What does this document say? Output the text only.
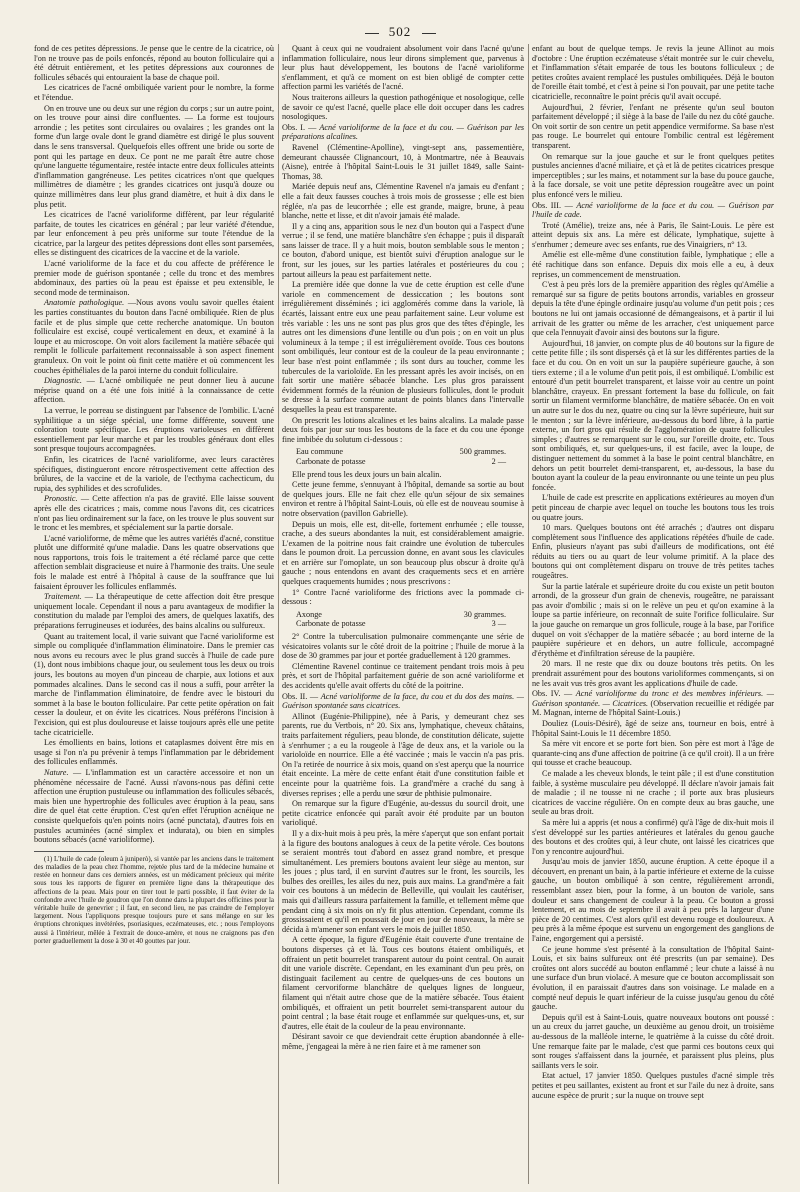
502

fond de ces petites dépressions. Je pense que le centre de la cicatrice, où l'on ne trouve pas de poils enfoncés, répond au bouton folliculaire qui a été détruit entièrement, et les petites dépressions aux couronnes de follicules sébacés qui entouraient la base de chaque poil.

Les cicatrices de l'acné ombiliquée varient pour le nombre, la forme et l'étendue.

On en trouve une ou deux sur une région du corps ; sur un autre point, on les trouve pour ainsi dire confluentes. — La forme est toujours arrondie ; les petites sont circulaires ou ovalaires ; les grandes ont la forme d'un large ovale dont le grand diamètre est dirigé le plus souvent dans le sens transversal. Quelquefois elles offrent une bride ou sorte de pont qui les partage en deux. Ce pont ne me paraît être autre chose qu'une languette tégumentaire, restée intacte entre deux follicules atteints d'inflammation gangréneuse. Les petites cicatrices n'ont que quelques millimètres de diamètre ; les grandes cicatrices ont jusqu'à douze ou quinze millimètres dans leur plus grand diamètre, et huit à dix dans le plus petit.

Les cicatrices de l'acné varioliforme diffèrent, par leur régularité parfaite, de toutes les cicatrices en général ; par leur variété d'étendue, par leur enfoncement à peu près uniforme sur toute l'étendue de la cicatrice, par la largeur des petites dépressions dont elles sont parsemées, elles se distinguent des cicatrices de la vaccine et de la variole.

L'acné varioliforme de la face et du cou affecte de préférence le premier mode de guérison spontanée ; celle du tronc et des membres abdominaux, des parties où la peau est épaisse et peu extensible, le second mode de terminaison.

Anatomie pathologique. —Nous avons voulu savoir quelles étaient les parties constituantes du bouton dans l'acné ombiliquée. Rien de plus facile et de plus simple que cette recherche anatomique. Un bouton folliculaire est excisé, coupé verticalement en deux, et examiné à la loupe et au microscope. On voit alors facilement la matière sébacée qui remplit le follicule parfaitement reconnaissable à son aspect finement granuleux. On voit le point où finit cette matière et où commencent les couches épithéliales de la paroi interne du conduit folliculaire.

Diagnostic. — L'acné ombiliquée ne peut donner lieu à aucune méprise quand on a été une fois initié à la connaissance de cette affection.

La verrue, le porreau se distinguent par l'absence de l'ombilic. L'acné syphilitique a un siége spécial, une forme différente, souvent une coloration toute spécifique. Les éruptions varioleuses en diffèrent essentiellement par leur marche et par les troubles généraux dont elles sont presque toujours accompagnées.

Enfin, les cicatrices de l'acné varioliforme, avec leurs caractères spécifiques, distingueront encore rétrospectivement cette affection des brûlures, de la vaccine et de la variole, de l'ecthyma cachecticum, du rupia, des syphilides et des scrofulides.

Pronostic. — Cette affection n'a pas de gravité. Elle laisse souvent après elle des cicatrices ; mais, comme nous l'avons dit, ces cicatrices n'ont pas lieu ordinairement sur la face, on les trouve le plus souvent sur le tronc et les membres, et spécialement sur la partie dorsale.

L'acné varioliforme, de même que les autres variétés d'acné, constitue plutôt une difformité qu'une maladie. Dans les quatre observations que nous rapportons, trois fois le traitement a été réclamé parce que cette affection semblait disgracieuse et nuire à l'harmonie des traits. Une seule fois le malade est entré à l'hôpital à cause de la souffrance que lui faisaient éprouver les follicules enflammés.

Traitement. — La thérapeutique de cette affection doit être presque uniquement locale. Cependant il nous a paru avantageux de modifier la constitution du malade par l'emploi des amers, de quelques laxatifs, des préparations ferrugineuses et iodurées, des bains alcalins ou sulfureux.

Quant au traitement local, il varie suivant que l'acné varioliforme est simple ou compliquée d'inflammation éliminatoire. Dans le premier cas nous avons eu recours avec le plus grand succès à l'huile de cade pure (1), dont nous imbibions chaque jour, ou seulement tous les deux ou trois jours, les boutons au moyen d'un pinceau de charpie, aux lotions et aux pommades alcalines. Dans le second cas il nous a suffi, pour arrêter la marche de l'inflammation éliminatoire, de fendre avec le bistouri du sommet à la base le bouton folliculaire. Par cette petite opération on fait cesser la douleur, et on évite les cicatrices. Nous préférons l'incision à l'excision, qui est plus douloureuse et laisse toujours après elle une petite tache cicatricielle.

Les émollients en bains, lotions et cataplasmes doivent être mis en usage si l'on n'a pu prévenir à temps l'inflammation par le débridement des follicules enflammés.

Nature. — L'inflammation est un caractère accessoire et non un phénomène nécessaire de l'acné. Aussi n'avons-nous pas défini cette affection une éruption pustuleuse ou inflammation des follicules sébacés, mais bien une hypertrophie des follicules avec éruption à la peau, sans dire de quel état cette éruption. C'est qu'en effet l'éruption acnéique ne consiste quelquefois qu'en points noirs (acné punctata), d'autres fois en pustules acuminées (acné simplex et indurata), ou bien en simples boutons sébacés (acné varioliforme).

(1) L'huile de cade (oleum à juniperò), si vantée par les anciens dans le traitement des maladies de la peau chez l'homme, rejetée plus tard de la médecine humaine et restée en honneur dans ces derniers années, est un médicament précieux qui mérite sous tous les rapports de figurer en première ligne dans la thérapeutique des affections de la peau. Mais pour en tirer tout le parti possible, il faut éviter de la confondre avec l'huile de goudron que l'on donne dans la plupart des officines pour la véritable huile de genevrier ; il faut, en second lieu, ne pas craindre de l'employer largement. Nous l'appliquons presque toujours pure et sans mélange en sur les éruptions chroniques invétérées, psoriasiques, eczémateuses, etc. ; nous l'employons aussi à l'intérieur, mêlée à l'extrait de douce-amère, et nous ne craignons pas d'en porter graduellement la dose à 30 et 40 gouttes par jour.

Quant à ceux qui ne voudraient absolument voir dans l'acné qu'une inflammation folliculaire, nous leur dirons simplement que, parvenus à leur plus haut développement, les boutons de l'acné varioliforme s'enflamment, et qu'à ce moment on est bien obligé de compter cette affection parmi les variétés de l'acné.

Nous traiterons ailleurs la question pathogénique et nosologique, celle de savoir ce qu'est l'acné, quelle place elle doit occuper dans les cadres nosologiques.

Obs. I. — Acné varioliforme de la face et du cou. — Guérison par les préparations alcalines.

Ravenel (Clémentine-Apolline), vingt-sept ans, passementière, demeurant chaussée Clignancourt, 10, à Montmartre, née à Beauvais (Aisne), entrée à l'hôpital Saint-Louis le 31 juillet 1849, salle Saint-Thomas, 38.

Mariée depuis neuf ans, Clémentine Ravenel n'a jamais eu d'enfant ; elle a fait deux fausses couches à trois mois de grossesse ; elle est bien réglée, n'a pas de leucorrhée ; elle est grande, maigre, brune, à peau blanche, nette et lisse, et dit n'avoir jamais été malade.

Il y a cinq ans, apparition sous le nez d'un bouton qui a l'aspect d'une verrue ; il se fend, une matière blanchâtre s'en échappe ; puis il disparaît sans laisser de trace. Il y a huit mois, bouton semblable sous le menton ; ce bouton, d'abord unique, est bientôt suivi d'éruption analogue sur le front, sur les joues, sur les parties latérales et postérieures du cou ; partout ailleurs la peau est parfaitement nette.

La première idée que donne la vue de cette éruption est celle d'une variole en commencement de dessiccation ; les boutons sont irrégulièrement disséminés ; ici agglomérés comme dans la variole, là écartés, laissant entre eux une peau parfaitement saine. Leur volume est très variable : les uns ne sont pas plus gros que des têtes d'épingle, les autres ont les dimensions d'une lentille ou d'un pois ; on en voit un plus volumineux à la tempe ; il est irrégulièrement ovoïde. Tous ces boutons sont ombiliqués, leur contour est de la couleur de la peau environnante ; leur base n'est point enflammée ; ils sont durs au toucher, comme les tubercules de la varioloïde. En les pressant après les avoir incisés, on en fait sortir une matière sébacée blanche. Les plus gros paraissent évidemment formés de la réunion de plusieurs follicules, dont le produit se dresse à la surface comme autant de points blancs dans l'intervalle desquelles la peau est transparente.

On prescrit les lotions alcalines et les bains alcalins. La malade passe deux fois par jour sur tous les boutons de la face et du cou une éponge fine imbibée du solutum ci-dessous :

Eau commune	500 grammes.
Carbonate de potasse	2 —

Elle prend tous les deux jours un bain alcalin.

Cette jeune femme, s'ennuyant à l'hôpital, demande sa sortie au bout de quelques jours. Elle ne fait chez elle qu'un séjour de six semaines environ et rentre à l'hôpital Saint-Louis, où elle est de nouveau soumise à notre observation (pavillon Gabrielle).

Depuis un mois, elle est, dit-elle, fortement enrhumée ; elle tousse, crache, a des sueurs abondantes la nuit, est considérablement amaigrie. L'examen de la poitrine nous fait craindre une évolution de tubercules dans le poumon droit. La percussion donne, en avant sous les clavicules et en arrière sur l'omoplate, un son beaucoup plus obscur à droite qu'à gauche ; nous entendons en avant des craquements secs et en arrière quelques craquements humides ; nous prescrivons :

1° Contre l'acné varioliforme des frictions avec la pommade ci-dessous :

Axonge	30 grammes.
Carbonate de potasse	3 —

2° Contre la tuberculisation pulmonaire commençante une série de vésicatoires volants sur le côté droit de la poitrine ; l'huile de morue à la dose de 30 grammes par jour et portée graduellement à 120 grammes.

Clémentine Ravenel continue ce traitement pendant trois mois à peu près, et sort de l'hôpital parfaitement guérie de son acné varioliforme et des accidents qu'elle avait offerts du côté de la poitrine.

Obs. II. — Acné varioliforme de la face, du cou et du dos des mains. — Guérison spontanée sans cicatrices.

Allinot (Eugénie-Philippine), née à Paris, y demeurant chez ses parents, rue du Vertbois, n° 20. Six ans, lymphatique, cheveux châtains, traits parfaitement réguliers, peau blonde, de constitution délicate, sujette à s'enrhumer ; a eu la rougeole à l'âge de deux ans, et la variole ou la varioloïde en nourrice. Elle a été vaccinée ; mais le vaccin n'a pas pris. On l'a retirée de nourrice à six mois, quand on s'est aperçu que la nourrice était enceinte. La mère de cette enfant était d'une constitution faible et enceinte pour la quatrième fois. La grand'mère a craché du sang à diverses reprises ; elle a perdu une sœur de phthisie pulmonaire.

On remarque sur la figure d'Eugénie, au-dessus du sourcil droit, une petite cicatrice enfoncée qui paraît avoir été produite par un bouton varioliqué.

Il y a dix-huit mois à peu près, la mère s'aperçut que son enfant portait à la figure des boutons analogues à ceux de la petite vérole. Ces boutons se seraient montrés tout d'abord en assez grand nombre, et presque simultanément. Les premiers boutons avaient leur siège au menton, sur les joues ; plus tard, il en survint d'autres sur le front, les sourcils, les bulbes des oreilles, les ailes du nez, puis aux mains. La grand'mère a fait voir ces boutons à un médecin de Belleville, qui voulait les cautériser, mais qui d'ailleurs rassura parfaitement la famille, et tellement même que pendant cinq à six mois on n'y fit plus attention. Cependant, comme ils grossissaient et qu'il en poussait de jour en jour de nouveaux, la mère se décida à m'amener son enfant vers le mois de juillet 1850.

A cette époque, la figure d'Eugénie était couverte d'une trentaine de boutons disperses çà et là. Tous ces boutons étaient ombiliqués, et offraient un petit bourrelet transparent autour du point central. On aurait dit une variole discrète. Cependant, en les examinant d'un peu près, on distinguait facilement au centre de quelques-uns de ces boutons un filament cervoriforme blanchâtre de quelques lignes de longueur, filament qui n'était autre chose que de la matière sébacée. Tous étaient ombiliqués, et offraient un petit bourrelet semi-transparent autour du point central ; la base était rouge et enflammée sur quelques-uns, et, sur d'autres, elle était de la couleur de la peau environnante.

Désirant savoir ce que deviendrait cette éruption abandonnée à elle-même, j'engageai la mère à ne rien faire et à me ramener son

enfant au bout de quelque temps. Je revis la jeune Allinot au mois d'octobre : Une éruption eczémateuse s'était montrée sur le cuir chevelu, et l'inflammation s'était emparée de tous les boutons folliculeux ; de petites croûtes avaient remplacé les pustules ombiliquées. Déjà le bouton de l'oreille était tombé, et c'est à peine si l'on pouvait, par une petite tache cicatricielle, reconnaître le point précis qu'il avait occupé.

Aujourd'hui, 2 février, l'enfant ne présente qu'un seul bouton parfaitement développé ; il siège à la base de l'aile du nez du côté gauche. On voit sortir de son centre un petit appendice vermiforme. Sa base n'est pas rouge. Le bourrelet qui entoure l'ombilic central est légèrement transparent.

On remarque sur la joue gauche et sur le front quelques petites pustules anciennes d'acné miliaire, et çà et là de petites cicatrices presque imperceptibles ; sur les mains, et notamment sur la base du pouce gauche, à la face dorsale, se voit une petite dépression rougeâtre avec un point plus enfoncé vers le milieu.

Obs. III. — Acné varioliforme de la face et du cou. — Guérison par l'huile de cade.

Troté (Amélie), treize ans, née à Paris, île Saint-Louis. Le père est atteint depuis six ans. La mère est délicate, lymphatique, sujette à s'enrhumer ; demeure avec ses enfants, rue des Vinaigriers, n° 13.

Amélie est elle-même d'une constitution faible, lymphatique ; elle a été rachitique dans son enfance. Depuis dix mois elle a eu, à deux reprises, un commencement de menstruation.

C'est à peu près lors de la première apparition des règles qu'Amélie a remarqué sur sa figure de petits boutons arrondis, variables en grosseur depuis la tête d'une épingle ordinaire jusqu'au volume d'un petit pois ; ces boutons ne lui ont jamais occasionné de démangeaisons, et à partir il lui arrivait de les gratter ou même de les arracher, c'est uniquement parce que cela l'ennuyait d'avoir ainsi des boutons sur la figure.

Aujourd'hui, 18 janvier, on compte plus de 40 boutons sur la figure de cette petite fille ; ils sont dispersés çà et là sur les différentes parties de la face et du cou. On en voit un sur la paupière supérieure gauche, à son tiers externe ; il a le volume d'un petit pois, il est ombiliqué. L'ombilic est entouré d'un petit bourrelet transparent, et laisse voir au centre un point blanchâtre, crayeux. En pressant fortement la base du follicule, on fait sortir un filament vermiforme blanchâtre, de matière sébacée. On en voit un autre sur le dos du nez, quatre ou cinq sur la lèvre supérieure, huit sur le menton ; sur la lèvre inférieure, au-dessous du bord libre, à la partie externe, un fort gros qui résulte de l'agglomération de quatre follicules simples ; d'autres se remarquent sur le cou, sur l'oreille droite, etc. Tous sont ombiliqués, et, sur quelques-uns, il est facile, avec la loupe, de distinguer nettement du sommet à la base le point central blanchâtre, en dehors un petit bourrelet demi-transparent, et, au-dessous, la base du bouton ayant la couleur de la peau environnante ou une teinte un peu plus foncée.

L'huile de cade est prescrite en applications extérieures au moyen d'un petit pinceau de charpie avec lequel on touche les boutons tous les trois ou quatre jours.

10 mars. Quelques boutons ont été arrachés ; d'autres ont disparu complètement sous l'influence des applications répétées d'huile de cade. Enfin, plusieurs n'ayant pas subi d'ailleurs de modifications, ont été réduits au tiers ou au quart de leur volume primitif. A la place des boutons qui ont complètement disparu on trouve de très petites taches rougeâtres.

Sur la partie latérale et supérieure droite du cou existe un petit bouton arrondi, de la grosseur d'un grain de chenevis, rougeâtre, ne paraissant pas avoir d'ombilic ; mais si on le relève un peu et qu'on examine à la loupe sa partie inférieure, on reconnaît de suite l'orifice folliculaire. Sur la joue gauche on remarque un gros follicule, rouge à la base, par l'orifice duquel on voit s'échapper de la matière sébacée ; au bord interne de la paupière supérieure et en dehors, un autre follicule, accompagné d'érythème et d'infiltration séreuse de la paupière.

20 mars. Il ne reste que dix ou douze boutons très petits. On les prendrait assurément pour des boutons varioliformes commençants, si on ne les avait vus très gros avant les applications d'huile de cade.

Obs. IV. — Acné varioliforme du tronc et des membres inférieurs. — Guérison spontanée. — Cicatrices. (Observation recueillie et rédigée par M. Magnan, interne de l'hôpital Saint-Louis.)

Douliez (Louis-Désiré), âgé de seize ans, tourneur en bois, entré à l'hôpital Saint-Louis le 11 décembre 1850.

Sa mère vit encore et se porte fort bien. Son père est mort à l'âge de quarante-cinq ans d'une affection de poitrine (à ce qu'il croit). Il a un frère qui tousse et crache beaucoup.

Ce malade a les cheveux blonds, le teint pâle ; il est d'une constitution faible, à système musculaire peu développé. Il déclare n'avoir jamais fait de maladie ; il ne tousse ni ne crache ; il porte aux bras plusieurs cicatrices de vaccine régulière. On en compte deux au bras gauche, une seule au bras droit.

Sa mère lui a appris (et nous a confirmé) qu'à l'âge de dix-huit mois il s'est développé sur les parties antérieures et latérales du genou gauche des boutons et des croûtes qui, à leur chute, ont laissé les cicatrices que l'on y rencontre aujourd'hui.

Jusqu'au mois de janvier 1850, aucune éruption. A cette époque il a découvert, en prenant un bain, à la partie inférieure et externe de la cuisse gauche, un bouton ombiliqué à son centre, régulièrement arrondi, ressemblant assez bien, pour la forme, à un bouton de variole, sans douleur et sans changement de couleur à la peau. Ce bouton a grossi lentement, et au mois de septembre il avait à peu près la largeur d'une pièce de 20 centimes. C'est alors qu'il est devenu rouge et douloureux. A peu près à la même époque est survenu un engorgement des ganglions de l'aine, engorgement qui a persisté.

Ce jeune homme s'est présenté à la consultation de l'hôpital Saint-Louis, et six bains sulfureux ont été prescrits (un par semaine). Des croûtes ont alors succédé au bouton enflammé ; leur chute a laissé à nu une surface d'un brun violacé. A mesure que ce bouton accomplissait son évolution, il en paraissait d'autres dans son voisinage. Le malade en a compté neuf depuis le quart inférieur de la cuisse jusqu'au genou du côté gauche.

Depuis qu'il est à Saint-Louis, quatre nouveaux boutons ont poussé : un au creux du jarret gauche, un deuxième au genou droit, un troisième au-dessous de la malléole interne, le quatrième à la cuisse du côté droit. Une remarque faite par le malade, c'est que parmi ces boutons ceux qui sont rouges s'affaissent dans la journée, et paraissent plus pleins, plus saillants vers le soir.

Etat actuel, 17 janvier 1850. Quelques pustules d'acné simple très petites et peu saillantes, existent au front et sur l'aile du nez à droite, sans aucune espèce de prurit ; sur la nuque on trouve sept
